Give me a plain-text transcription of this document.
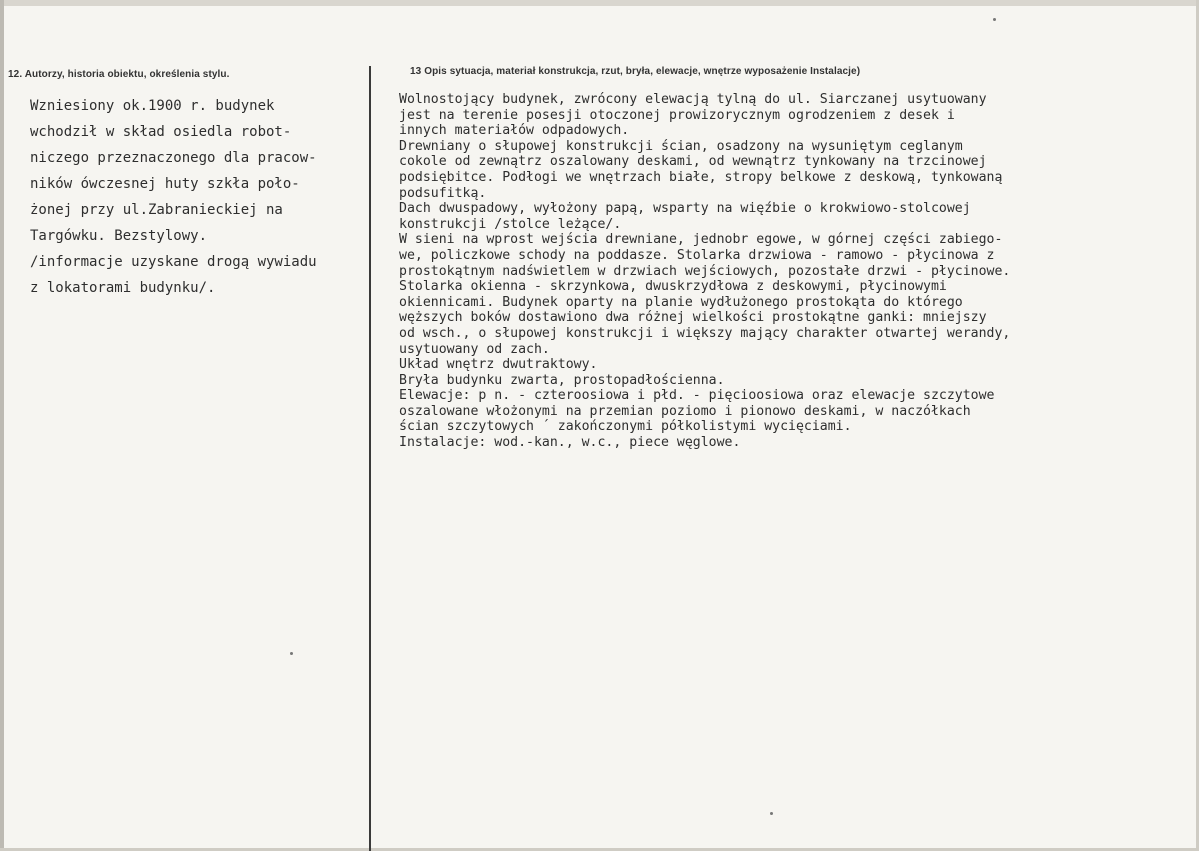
12. Autorzy, historia obiektu, określenia stylu.	13 Opis sytuacja, materiał konstrukcja, rzut, bryła, elewacje, wnętrze wyposażenie Instalacje)
Wzniesiony ok.1900 r. budynek
wchodził w skład osiedla robot-
niczego przeznaczonego dla pracow-
ników ówczesnej huty szkła poło-
żonej przy ul.Zabranieckiej na
Targówku. Bezstylowy.
/informacje uzyskane drogą wywiadu
z lokatorami budynku/.
Wolnostojący budynek, zwrócony elewacją tylną do ul. Siarczanej usytuowany
jest na terenie posesji otoczonej prowizorycznym ogrodzeniem z desek i
innych materiałów odpadowych.
Drewniany o słupowej konstrukcji ścian, osadzony na wysuniętym ceglanym
cokole od zewnątrz oszalowany deskami, od wewnątrz tynkowany na trzcinowej
podsiębitce. Podłogi we wnętrzach białe, stropy belkowe z deskową, tynkowaną
podsufitką.
Dach dwuspadowy, wyłożony papą, wsparty na więźbie o krokwiowo-stolcowej
konstrukcji /stolce leżące/.
W sieni na wprost wejścia drewniane, jednobr egowe, w górnej części zabiego-
we, policzkowe schody na poddasze. Stolarka drzwiowa - ramowo - płycinowa z
prostokątnym nadświetlem w drzwiach wejściowych, pozostałe drzwi - płycinowe.
Stolarka okienna - skrzynkowa, dwuskrzydłowa z deskowymi, płycinowymi
okiennicami. Budynek oparty na planie wydłużonego prostokąta do którego
węższych boków dostawiono dwa różnej wielkości prostokątne ganki: mniejszy
od wsch., o słupowej konstrukcji i większy mający charakter otwartej werandy,
usytuowany od zach.
Układ wnętrz dwutraktowy.
Bryła budynku zwarta, prostopadłościenna.
Elewacje: p n. - czteroosiowa i płd. - pięcioosiowa oraz elewacje szczytowe
oszalowane włożonymi na przemian poziomo i pionowo deskami, w naczółkach
ścian szczytowych ´ zakończonymi półkolistymi wycięciami.
Instalacje: wod.-kan., w.c., piece węglowe.
